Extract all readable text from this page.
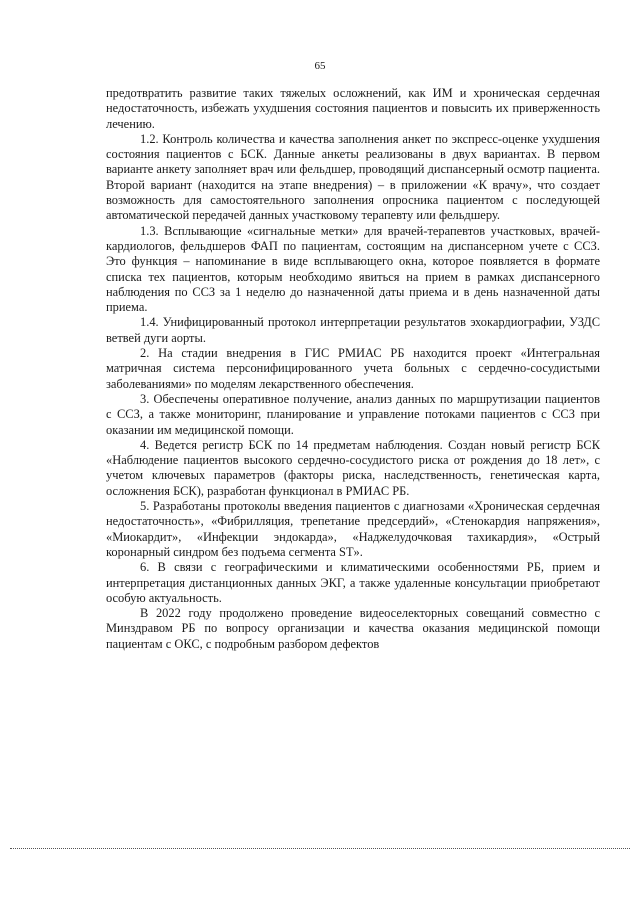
65

предотвратить развитие таких тяжелых осложнений, как ИМ и хроническая сердечная недостаточность, избежать ухудшения состояния пациентов и повысить их приверженность лечению.

1.2. Контроль количества и качества заполнения анкет по экспресс-оценке ухудшения состояния пациентов с БСК. Данные анкеты реализованы в двух вариантах. В первом варианте анкету заполняет врач или фельдшер, проводящий диспансерный осмотр пациента. Второй вариант (находится на этапе внедрения) – в приложении «К врачу», что создает возможность для самостоятельного заполнения опросника пациентом с последующей автоматической передачей данных участковому терапевту или фельдшеру.

1.3. Всплывающие «сигнальные метки» для врачей-терапевтов участковых, врачей-кардиологов, фельдшеров ФАП по пациентам, состоящим на диспансерном учете с ССЗ. Это функция – напоминание в виде всплывающего окна, которое появляется в формате списка тех пациентов, которым необходимо явиться на прием в рамках диспансерного наблюдения по ССЗ за 1 неделю до назначенной даты приема и в день назначенной даты приема.

1.4. Унифицированный протокол интерпретации результатов эхокардиографии, УЗДС ветвей дуги аорты.

2. На стадии внедрения в ГИС РМИАС РБ находится проект «Интегральная матричная система персонифицированного учета больных с сердечно-сосудистыми заболеваниями» по моделям лекарственного обеспечения.

3. Обеспечены оперативное получение, анализ данных по маршрутизации пациентов с ССЗ, а также мониторинг, планирование и управление потоками пациентов с ССЗ при оказании им медицинской помощи.

4. Ведется регистр БСК по 14 предметам наблюдения. Создан новый регистр БСК «Наблюдение пациентов высокого сердечно-сосудистого риска от рождения до 18 лет», с учетом ключевых параметров (факторы риска, наследственность, генетическая карта, осложнения БСК), разработан функционал в РМИАС РБ.

5. Разработаны протоколы введения пациентов с диагнозами «Хроническая сердечная недостаточность», «Фибрилляция, трепетание предсердий», «Стенокардия напряжения», «Миокардит», «Инфекции эндокарда», «Наджелудочковая тахикардия», «Острый коронарный синдром без подъема сегмента ST».

6. В связи с географическими и климатическими особенностями РБ, прием и интерпретация дистанционных данных ЭКГ, а также удаленные консультации приобретают особую актуальность.

В 2022 году продолжено проведение видеоселекторных совещаний совместно с Минздравом РБ по вопросу организации и качества оказания медицинской помощи пациентам с ОКС, с подробным разбором дефектов
